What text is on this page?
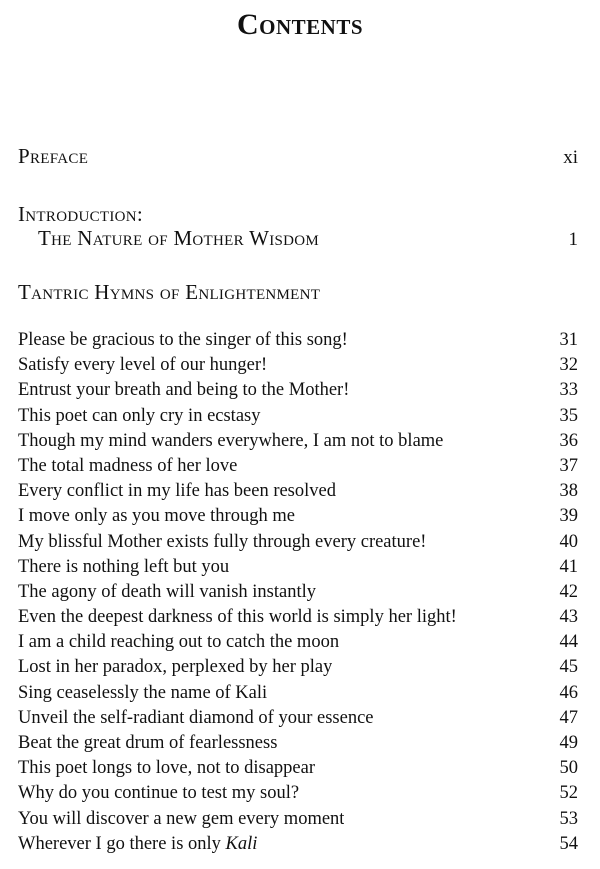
Contents
Preface	xi
Introduction:
The Nature of Mother Wisdom	1
Tantric Hymns of Enlightenment
Please be gracious to the singer of this song!	31
Satisfy every level of our hunger!	32
Entrust your breath and being to the Mother!	33
This poet can only cry in ecstasy	35
Though my mind wanders everywhere, I am not to blame	36
The total madness of her love	37
Every conflict in my life has been resolved	38
I move only as you move through me	39
My blissful Mother exists fully through every creature!	40
There is nothing left but you	41
The agony of death will vanish instantly	42
Even the deepest darkness of this world is simply her light!	43
I am a child reaching out to catch the moon	44
Lost in her paradox, perplexed by her play	45
Sing ceaselessly the name of Kali	46
Unveil the self-radiant diamond of your essence	47
Beat the great drum of fearlessness	49
This poet longs to love, not to disappear	50
Why do you continue to test my soul?	52
You will discover a new gem every moment	53
Wherever I go there is only Kali	54
